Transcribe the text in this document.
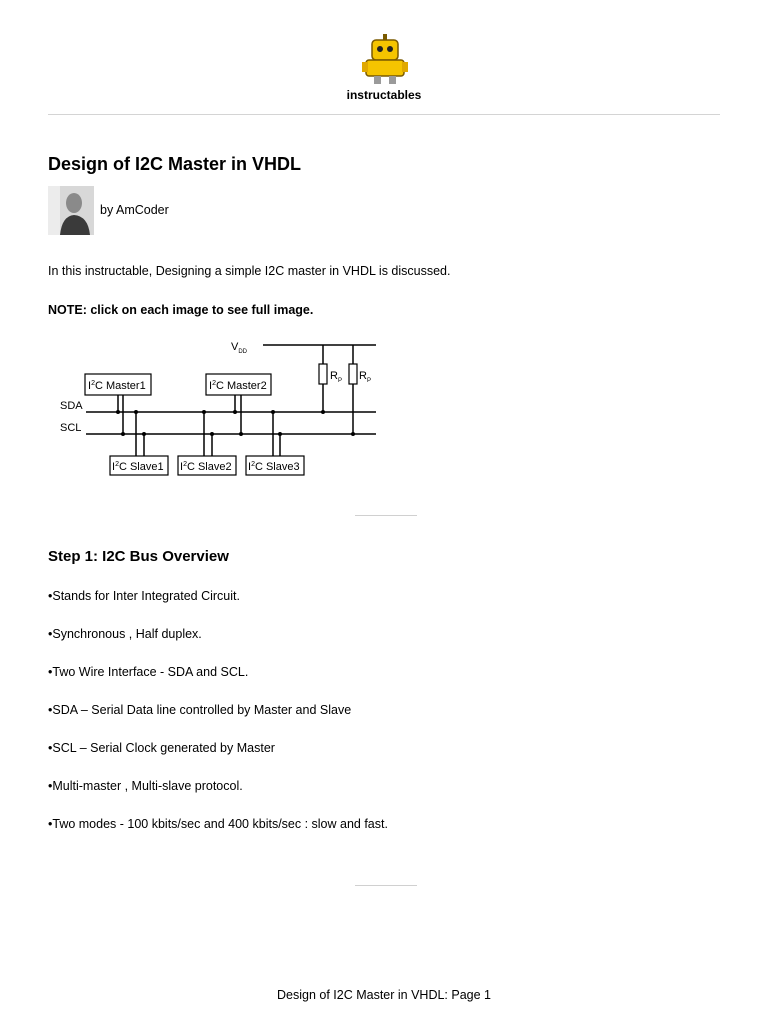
instructables
Design of I2C Master in VHDL
by AmCoder
In this instructable, Designing a simple I2C master in VHDL is discussed.
NOTE: click on each image to see full image.
$R_P$ $R_P$
$V_{DD}$
SDA
SCL
$I^2C$ Master1	$I^2C$ Master2
$I^2C$ Slave1 $I^2C$ Slave2 $I^2C$ Slave3
Step 1: I2C Bus Overview
•Stands for Inter Integrated Circuit.
•Synchronous , Half duplex.
•Two Wire Interface - SDA and SCL.
•SDA – Serial Data line controlled by Master and Slave
•SCL – Serial Clock generated by Master
•Multi-master , Multi-slave protocol.
•Two modes - 100 kbits/sec and 400 kbits/sec : slow and fast.
Design of I2C Master in VHDL: Page 1
